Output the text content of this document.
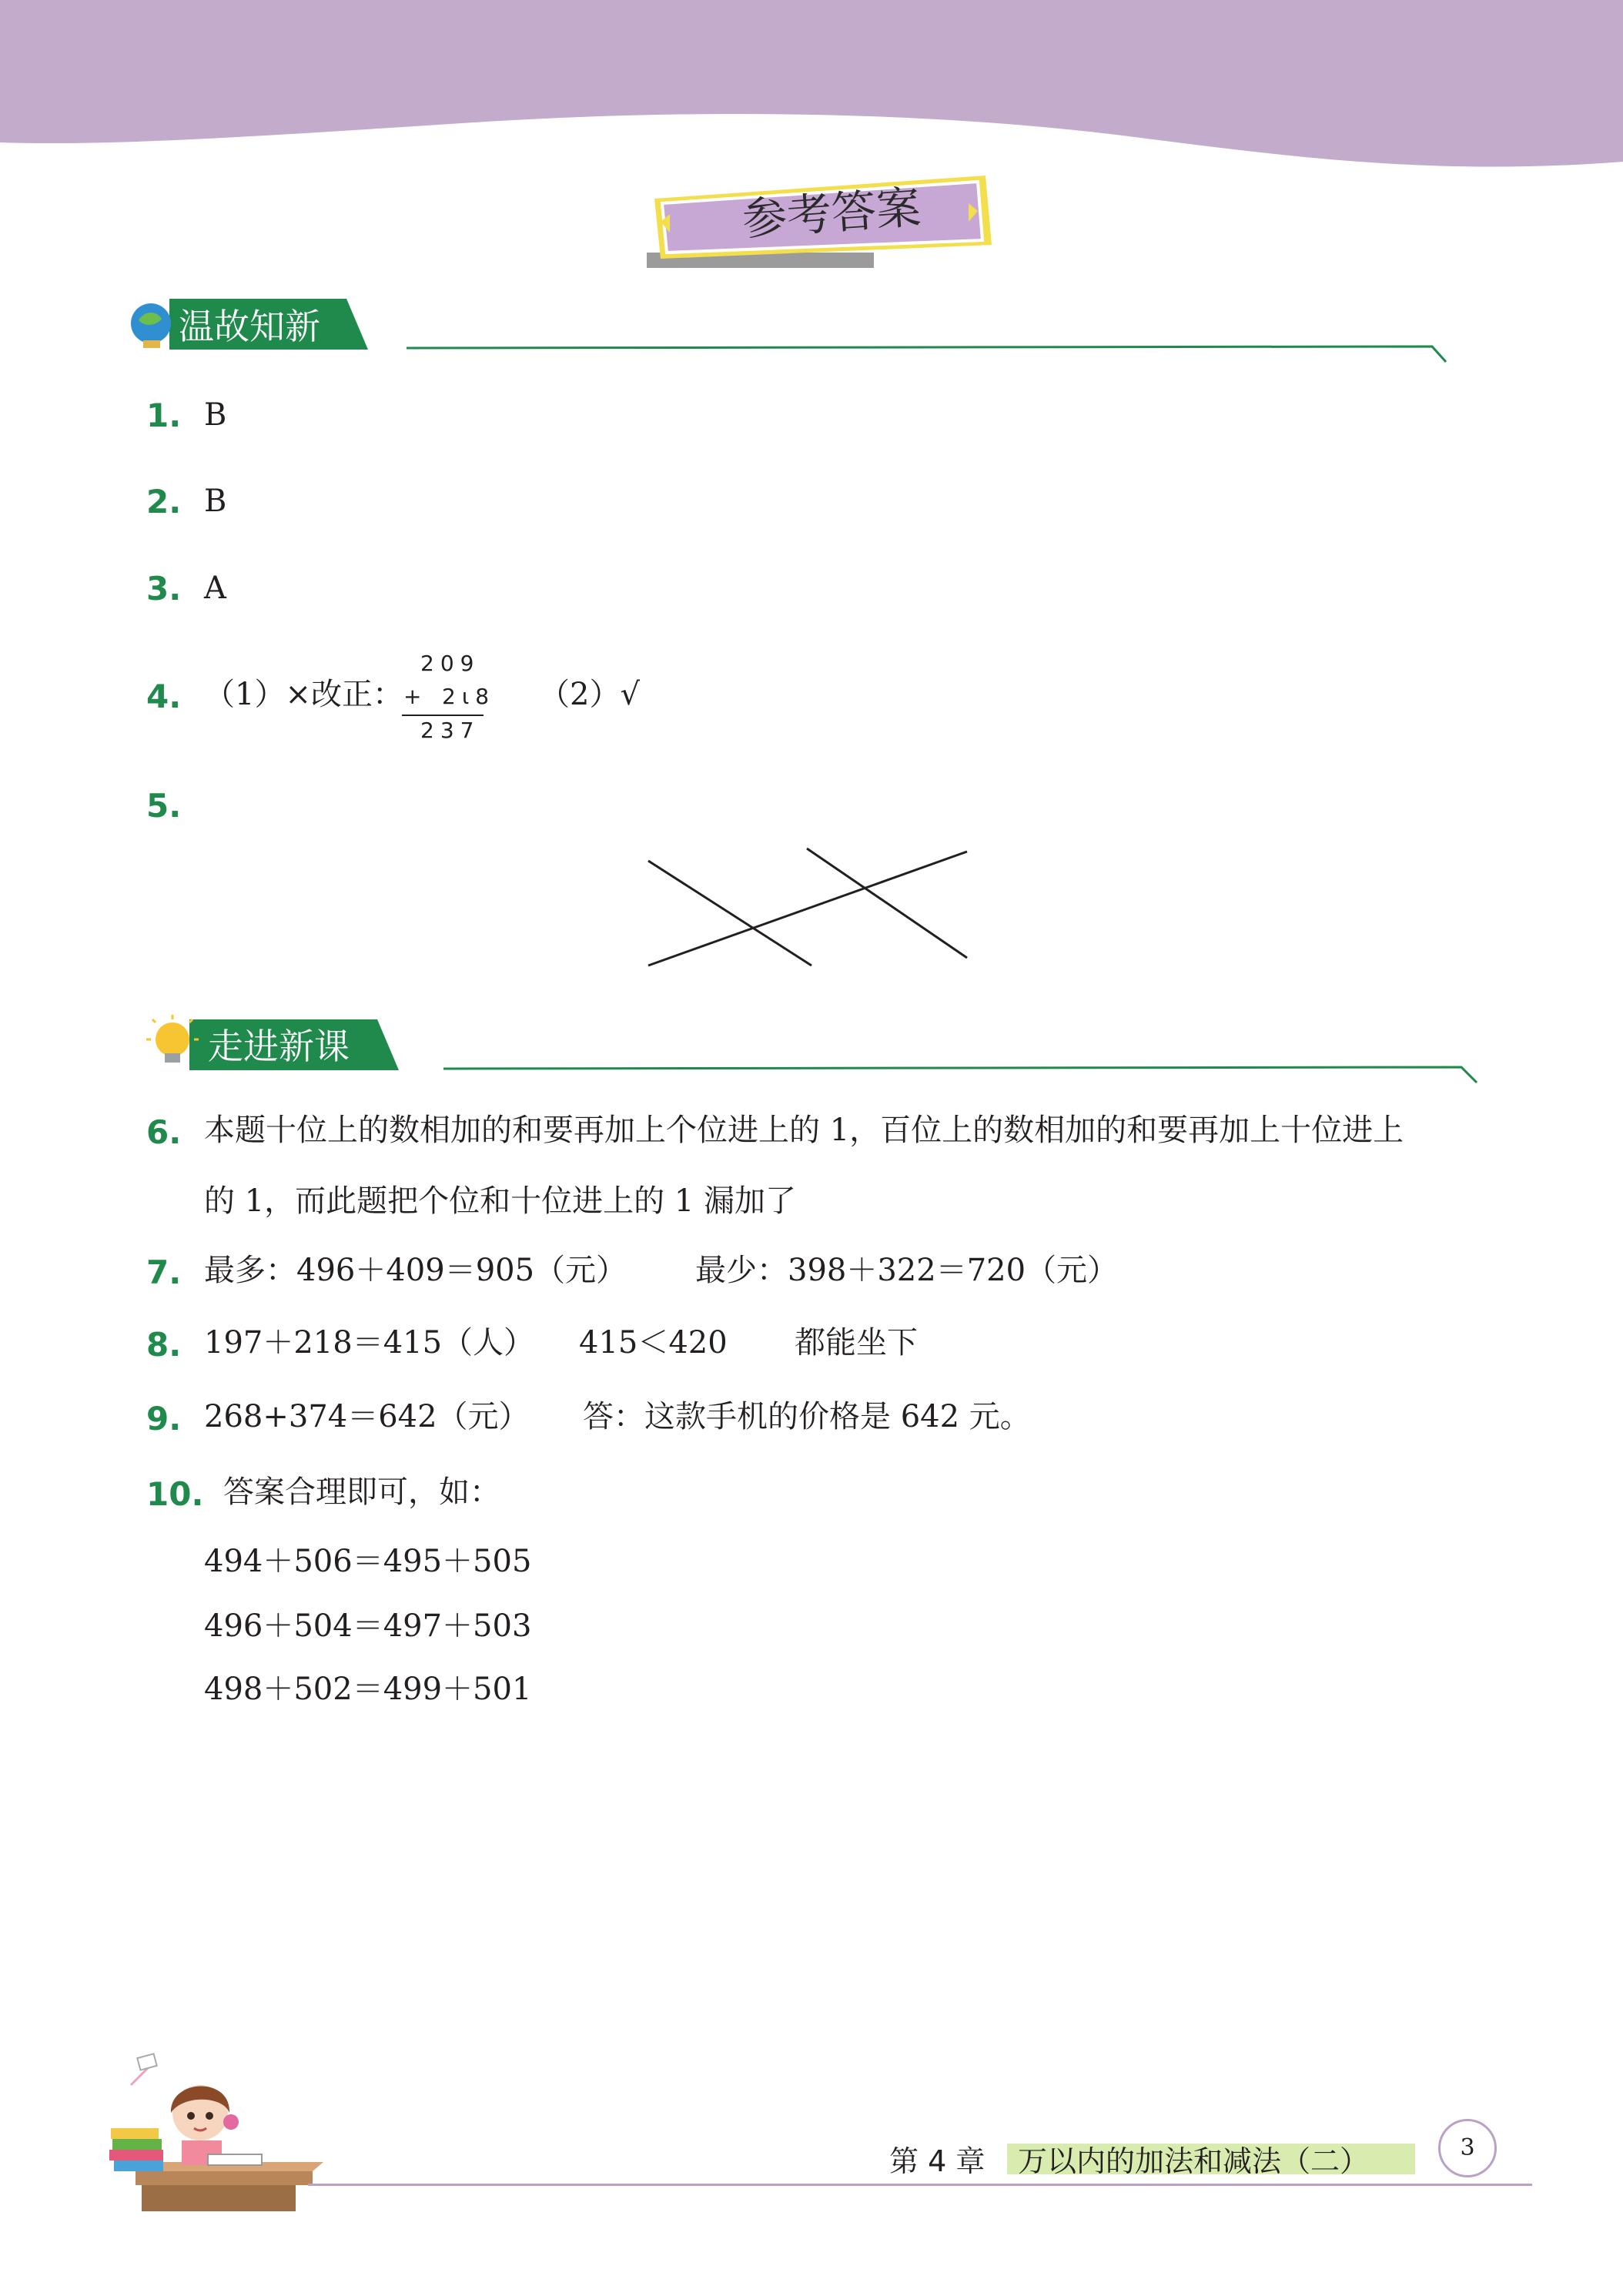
参考答案
温故知新
1. B
2. B
3. A
4. （1）×改正：
209
+ 2ι8
237
（2）√
5.
走进新课
6. 本题十位上的数相加的和要再加上个位进上的 1，百位上的数相加的和要再加上十位进上
的 1，而此题把个位和十位进上的 1 漏加了
7. 最多：496＋409＝905（元） 最少：398＋322＝720（元）
8. 197＋218＝415（人） 415＜420 都能坐下
9. 268+374＝642（元） 答：这款手机的价格是 642 元。
10. 答案合理即可，如：
494＋506＝495＋505
496＋504＝497＋503
498＋502＝499＋501
第 4 章 万以内的加法和减法（二）	3
